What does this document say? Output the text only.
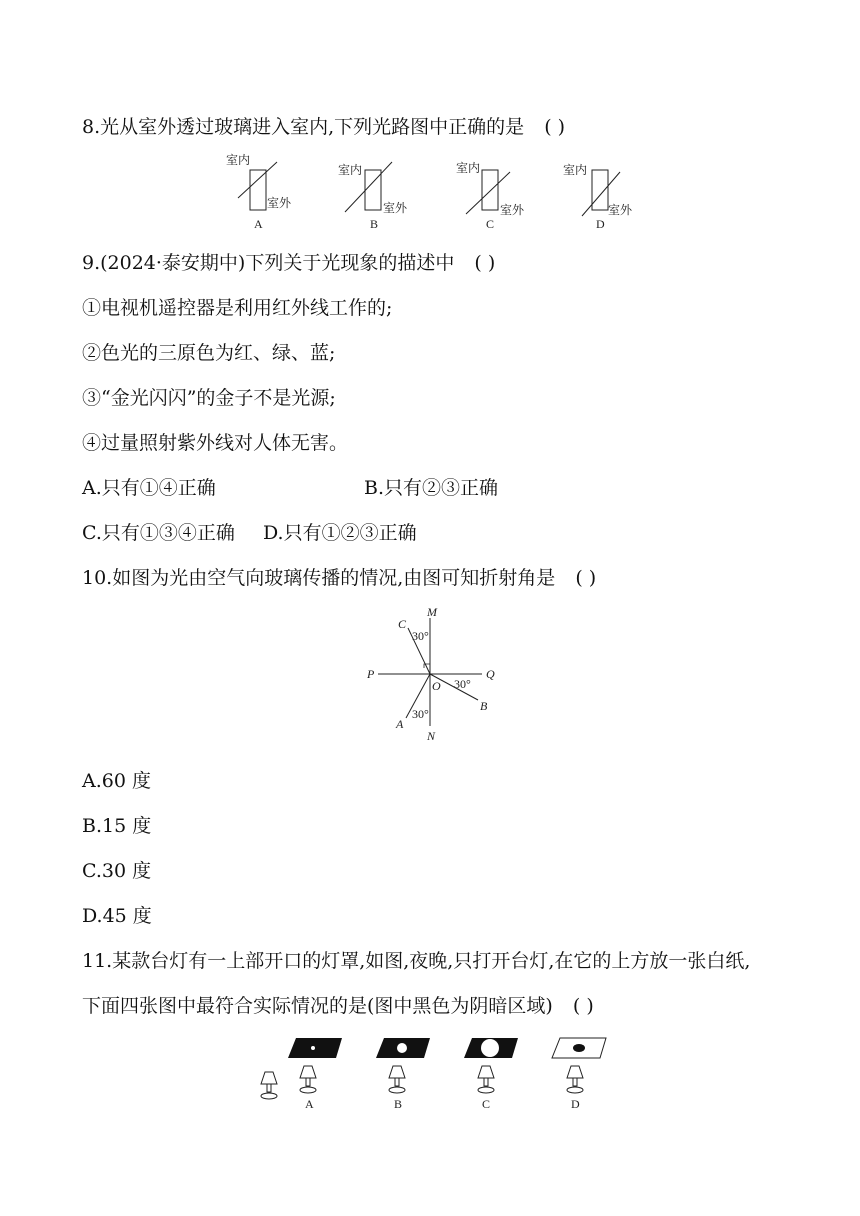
8.光从室外透过玻璃进入室内,下列光路图中正确的是 ( )
室内
室外
A
室内
室外
B
室内
室外
C
室内
室外
D
9.(2024·泰安期中)下列关于光现象的描述中 ( )
①电视机遥控器是利用红外线工作的;
②色光的三原色为红、绿、蓝;
③“金光闪闪”的金子不是光源;
④过量照射紫外线对人体无害。
A.只有①④正确	B.只有②③正确
C.只有①③④正确 D.只有①②③正确
10.如图为光由空气向玻璃传播的情况,由图可知折射角是 ( )
M
N
P	Q
O
C
A
B
30°
30°
30°
A.60 度
B.15 度
C.30 度
D.45 度
11.某款台灯有一上部开口的灯罩,如图,夜晚,只打开台灯,在它的上方放一张白纸,
下面四张图中最符合实际情况的是(图中黑色为阴暗区域) ( )
A	B	C	D
